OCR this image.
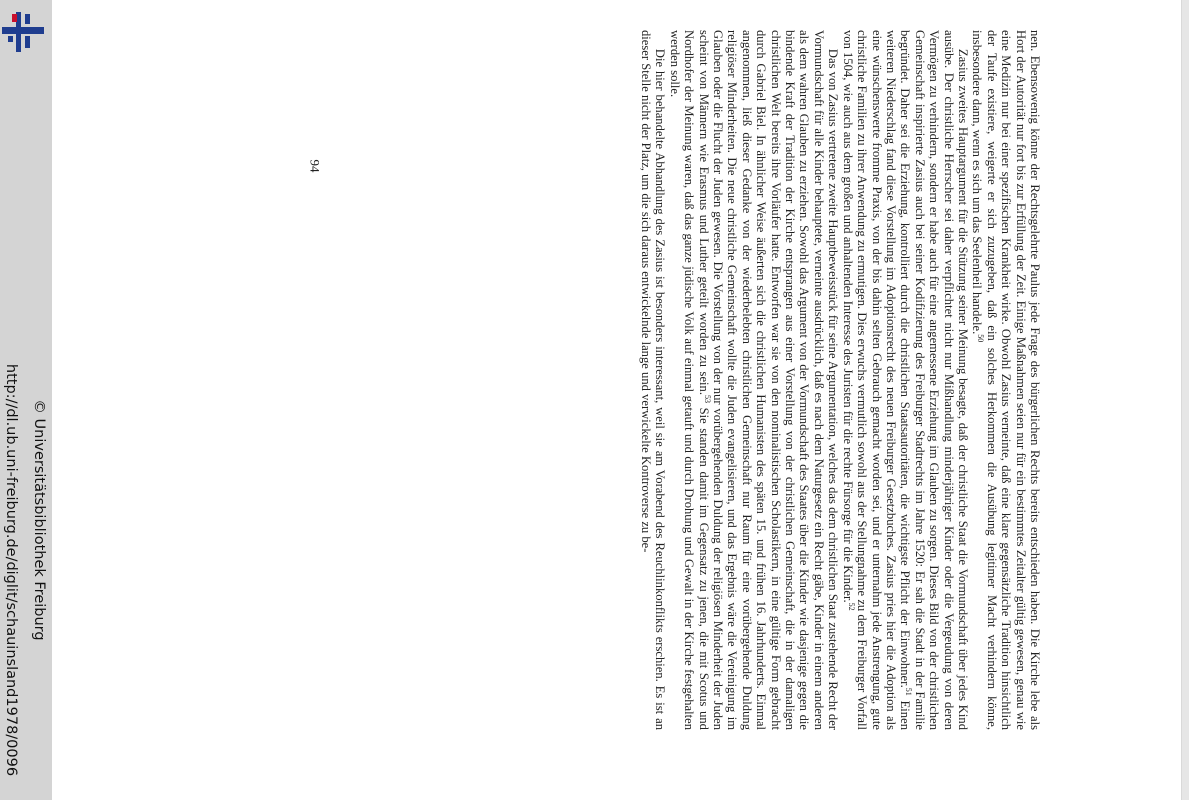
http://dl.ub.uni-freiburg.de/diglit/schauinsland1978/0096 © Universitätsbibliothek Freiburg
94	nen. Ebensowenig könne der Rechtsgelehrte Paulus jede Frage des bürgerlichen Rechts bereits entschieden haben. Die Kirche lebe als Hort der Autorität nur fort bis zur Erfüllung der Zeit. Einige Maßnahmen seien nur für ein bestimmtes Zeitalter gültig gewesen, genau wie eine Medizin nur bei einer spezifischen Krankheit wirke. Obwohl Zasius verneinte, daß eine klare gegensätzliche Tradition hinsichtlich der Taufe existiere, weigerte er sich zuzugeben, daß ein solches Herkommen die Ausübung legitimer Macht verhindern könne, insbesondere dann, wenn es sich um das Seelenheil handele.$^{50}$

Zasius zweites Hauptargument für die Stützung seiner Meinung besagte, daß der christliche Staat die Vormundschaft über jedes Kind ausübe. Der christliche Herrscher sei daher verpflichtet nicht nur Mißhandlung minderjähriger Kinder oder die Vergeudung von deren Vermögen zu verhindern, sondern er habe auch für eine angemessene Erziehung im Glauben zu sorgen. Dieses Bild von der christlichen Gemeinschaft inspirierte Zasius auch bei seiner Kodifizierung des Freiburger Stadtrechts im Jahre 1520: Er sah die Stadt in der Familie begründet. Daher sei die Erziehung, kontrolliert durch die christlichen Staatsautoritäten, die wichtigste Pflicht der Einwohner.$^{51}$ Einen weiteren Niederschlag fand diese Vorstellung im Adoptionsrecht des neuen Freiburger Gesetzbuches. Zasius pries hier die Adoption als eine wünschenswerte fromme Praxis, von der bis dahin selten Gebrauch gemacht worden sei, und er unternahm jede Anstrengung, gute christliche Familien zu ihrer Anwendung zu ermutigen. Dies erwuchs vermutlich sowohl aus der Stellungnahme zu dem Freiburger Vorfall von 1504, wie auch aus dem großen und anhaltenden Interesse des Juristen für die rechte Fürsorge für die Kinder.$^{52}$

Das von Zasius vertretene zweite Hauptbeweisstück für seine Argumentation, welches das dem christlichen Staat zustehende Recht der Vormundschaft für alle Kinder behauptete, verneinte ausdrücklich, daß es nach dem Naturgesetz ein Recht gäbe, Kinder in einem anderen als dem wahren Glauben zu erziehen. Sowohl das Argument von der Vormundschaft des Staates über die Kinder wie dasjenige gegen die bindende Kraft der Tradition der Kirche entsprangen aus einer Vorstellung von der christlichen Gemeinschaft, die in der damaligen christlichen Welt bereits ihre Vorläufer hatte. Entworfen war sie von den nominalistischen Scholastikern, in eine gültige Form gebracht durch Gabriel Biel. In ähnlicher Weise äußerten sich die christlichen Humanisten des späten 15. und frühen 16. Jahrhunderts. Einmal angenommen, ließ dieser Gedanke von der wiederbelebten christlichen Gemeinschaft nur Raum für eine vorübergehende Duldung religiöser Minderheiten. Die neue christliche Gemeinschaft wollte die Juden evangelisieren, und das Ergebnis wäre die Vereinigung im Glauben oder die Flucht der Juden gewesen. Die Vorstellung von der nur vorübergehenden Duldung der religiösen Minderheit der Juden scheint von Männern wie Erasmus und Luther geteilt worden zu sein.$^{53}$ Sie standen damit im Gegensatz zu jenen, die mit Scotus und Nordhofer der Meinung waren, daß das ganze jüdische Volk auf einmal getauft und durch Drohung und Gewalt in der Kirche festgehalten werden solle.

Die hier behandelte Abhandlung des Zasius ist besonders interessant, weil sie am Vorabend des Reuchlinkonflikts erschien. Es ist an dieser Stelle nicht der Platz, um die sich daraus entwickelnde lange und verwickelte Kontroverse zu be-
